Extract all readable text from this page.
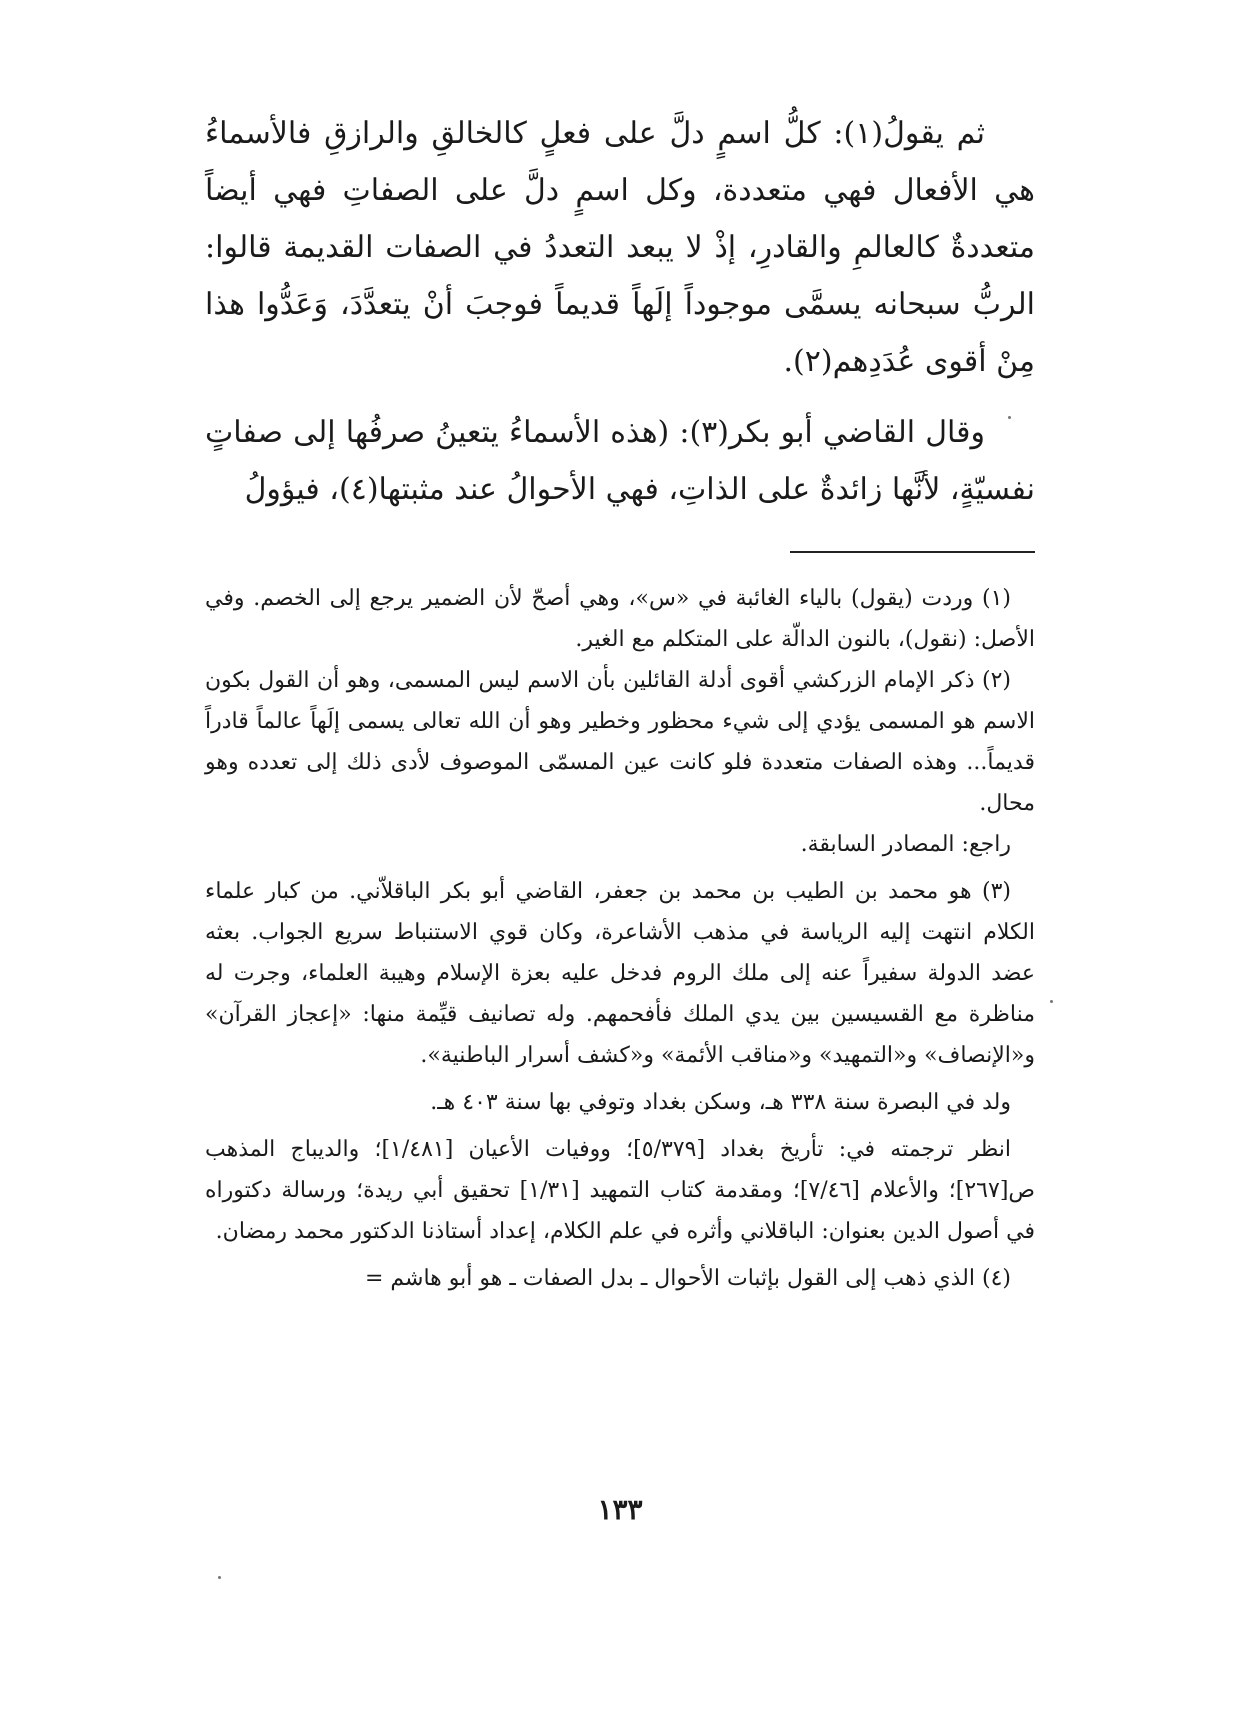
ثم يقولُ(١): كلُّ اسمٍ دلَّ على فعلٍ كالخالقِ والرازقِ فالأسماءُ هي الأفعال فهي متعددة، وكل اسمٍ دلَّ على الصفاتِ فهي أيضاً متعددةٌ كالعالمِ والقادرِ، إذْ لا يبعد التعددُ في الصفات القديمة قالوا: الربُّ سبحانه يسمَّى موجوداً إلَهاً قديماً فوجبَ أنْ يتعدَّدَ، وَعَدُّوا هذا مِنْ أقوى عُدَدِهم(٢).

وقال القاضي أبو بكر(٣): (هذه الأسماءُ يتعينُ صرفُها إلى صفاتٍ نفسيّةٍ، لأنَّها زائدةٌ على الذاتِ، فهي الأحوالُ عند مثبتها(٤)، فيؤولُ

(١) وردت (يقول) بالياء الغائبة في «س»، وهي أصحّ لأن الضمير يرجع إلى الخصم. وفي الأصل: (نقول)، بالنون الدالّة على المتكلم مع الغير.

(٢) ذكر الإمام الزركشي أقوى أدلة القائلين بأن الاسم ليس المسمى، وهو أن القول بكون الاسم هو المسمى يؤدي إلى شيء محظور وخطير وهو أن الله تعالى يسمى إلَهاً عالماً قادراً قديماً... وهذه الصفات متعددة فلو كانت عين المسمّى الموصوف لأدى ذلك إلى تعدده وهو محال.

راجع: المصادر السابقة.

(٣) هو محمد بن الطيب بن محمد بن جعفر، القاضي أبو بكر الباقلاّني. من كبار علماء الكلام انتهت إليه الرياسة في مذهب الأشاعرة، وكان قوي الاستنباط سريع الجواب. بعثه عضد الدولة سفيراً عنه إلى ملك الروم فدخل عليه بعزة الإسلام وهيبة العلماء، وجرت له مناظرة مع القسيسين بين يدي الملك فأفحمهم. وله تصانيف قيِّمة منها: «إعجاز القرآن» و«الإنصاف» و«التمهيد» و«مناقب الأئمة» و«كشف أسرار الباطنية».

ولد في البصرة سنة ٣٣٨ هـ، وسكن بغداد وتوفي بها سنة ٤٠٣ هـ.

انظر ترجمته في: تأريخ بغداد [٥/٣٧٩]؛ ووفيات الأعيان [١/٤٨١]؛ والديباج المذهب ص[٢٦٧]؛ والأعلام [٧/٤٦]؛ ومقدمة كتاب التمهيد [١/٣١] تحقيق أبي ريدة؛ ورسالة دكتوراه في أصول الدين بعنوان: الباقلاني وأثره في علم الكلام، إعداد أستاذنا الدكتور محمد رمضان.

(٤) الذي ذهب إلى القول بإثبات الأحوال ـ بدل الصفات ـ هو أبو هاشم =

١٣٣
